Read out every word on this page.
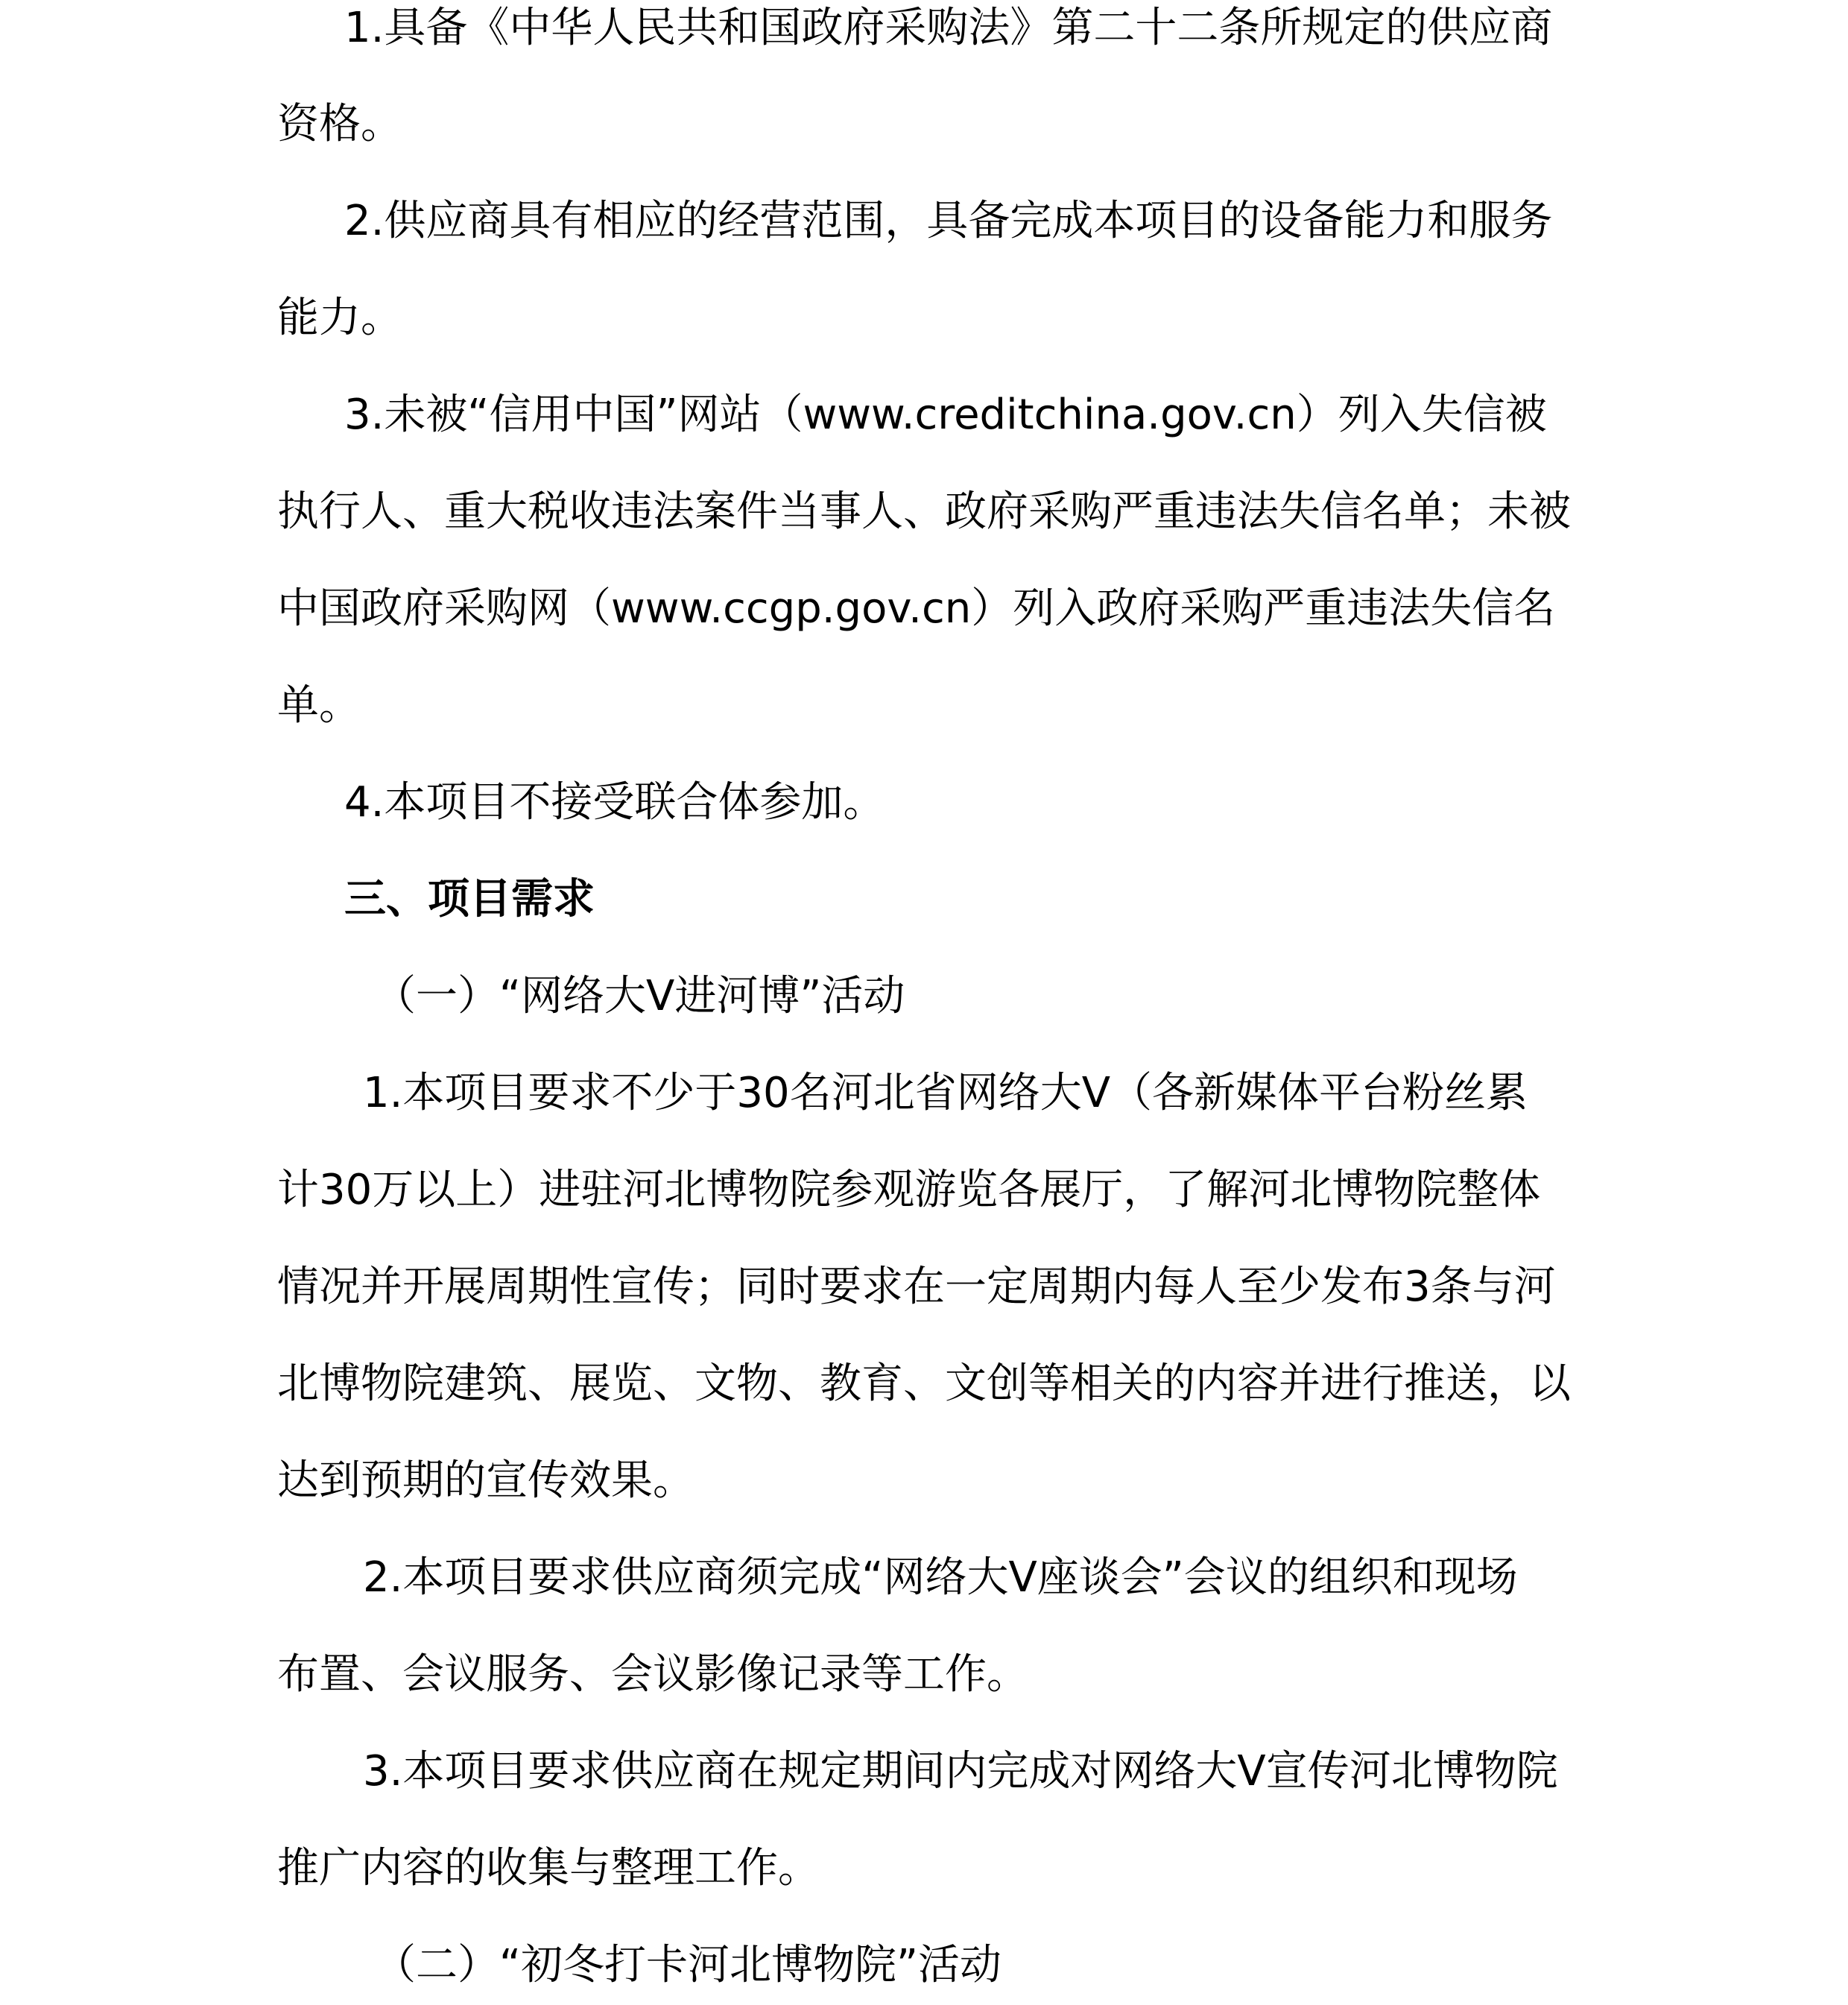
1.具备《中华人民共和国政府采购法》第二十二条所规定的供应商
资格。
2.供应商具有相应的经营范围，具备完成本项目的设备能力和服务
能力。
3.未被“信用中国”网站（www.creditchina.gov.cn）列入失信被
执行人、重大税收违法案件当事人、政府采购严重违法失信名单；未被
中国政府采购网（www.ccgp.gov.cn）列入政府采购严重违法失信名
单。
4.本项目不接受联合体参加。
三、项目需求
（一）“网络大V进河博”活动
1.本项目要求不少于30名河北省网络大V（各新媒体平台粉丝累
计30万以上）进驻河北博物院参观游览各展厅，了解河北博物院整体
情况并开展周期性宣传；同时要求在一定周期内每人至少发布3条与河
北博物院建筑、展览、文物、教育、文创等相关的内容并进行推送，以
达到预期的宣传效果。
2.本项目要求供应商须完成“网络大V座谈会”会议的组织和现场
布置、会议服务、会议影像记录等工作。
3.本项目要求供应商在规定期间内完成对网络大V宣传河北博物院
推广内容的收集与整理工作。
（二）“初冬打卡河北博物院”活动
